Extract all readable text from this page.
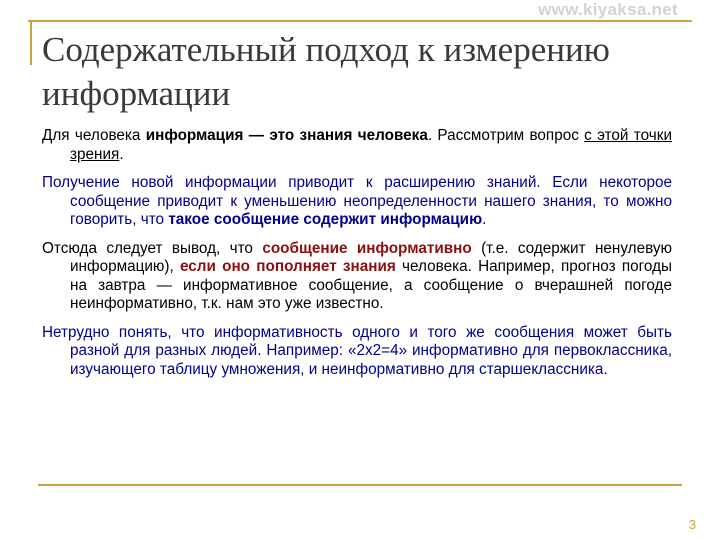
www.kiyaksa.net
Содержательный подход к измерению информации

Для человека информация — это знания человека. Рассмотрим вопрос с этой точки зрения.

Получение новой информации приводит к расширению знаний. Если некоторое сообщение приводит к уменьшению неопределенности нашего знания, то можно говорить, что такое сообщение содержит информацию.

Отсюда следует вывод, что сообщение информативно (т.е. содержит ненулевую информацию), если оно пополняет знания человека. Например, прогноз погоды на завтра — информативное сообщение, а сообщение о вчерашней погоде неинформативно, т.к. нам это уже известно.

Нетрудно понять, что информативность одного и того же сообщения может быть разной для разных людей. Например: «2х2=4» информативно для первоклассника, изучающего таблицу умножения, и неинформативно для старшеклассника.

3
